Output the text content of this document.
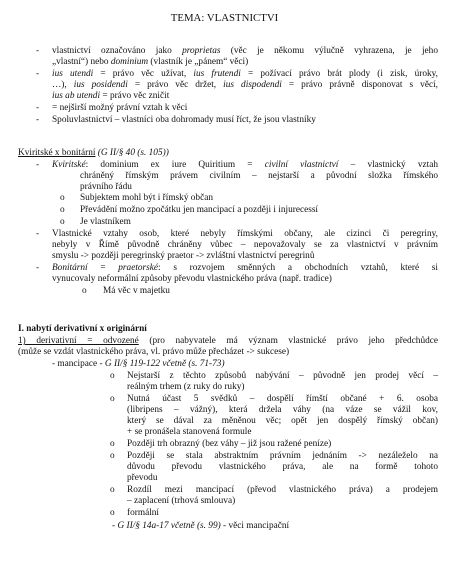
TEMA: VLASTNICTVI
- vlastnictví označováno jako proprietas (věc je někomu výlučně vyhrazena, je jeho
„vlastní“) nebo dominium (vlastník je „pánem“ věci)
- ius utendi = právo věc užívat, ius frutendi = požívací právo brát plody (i zisk, úroky,
…), ius posidendi = právo věc držet, ius dispodendi = právo právně disponovat s věcí,
ius ab utendi = právo věc zničit
- = nejširší možný právní vztah k věci
- Spoluvlastnictví – vlastníci oba dohromady musí říct, že jsou vlastníky
Kviritské x bonitární (G II/§ 40 (s. 105))
- Kviritské: dominium ex iure Quiritium = civilní vlastnictví – vlastnický vztah
chráněný římským právem civilním – nejstarší a původní složka římského
právního řádu
o Subjektem mohl být i římský občan
o Převádění možno zpočátku jen mancipací a později i injurecessí
o Je vlastníkem
- Vlastnické vztahy osob, které nebyly římskými občany, ale cizinci či peregriny,
nebyly v Římě původně chráněny vůbec – nepovažovaly se za vlastnictví v právním
smyslu -> později peregrinský praetor -> zvláštní vlastnictví peregrinů
- Bonitární = praetorské: s rozvojem směnných a obchodních vztahů, které si
vynucovaly neformální způsoby převodu vlastnického práva (např. tradice)
o Má věc v majetku
I. nabytí derivativní x originární
1) derivativní = odvozené (pro nabyvatele má význam vlastnické právo jeho předchůdce
(může se vzdát vlastnického práva, vl. právo může přecházet -> sukcese)
- mancipace - G II/§ 119-122 včetně (s. 71-73)
o Nejstarší z těchto způsobů nabývání – původně jen prodej věcí –
reálným trhem (z ruky do ruky)
o Nutná účast 5 svědků – dospělí římští občané + 6. osoba
(libripens – vážný), která držela váhy (na váze se vážil kov,
který se dával za měněnou věc; opět jen dospělý římský občan)
+ se pronášela stanovená formule
o Později trh obrazný (bez váhy – již jsou ražené peníze)
o Později se stala abstraktním právním jednáním -> nezáleželo na
důvodu převodu vlastnického práva, ale na formě tohoto
převodu
o Rozdíl mezi mancipací (převod vlastnického práva) a prodejem
– zaplacení (trhová smlouva)
o formální
- G II/§ 14a-17 včetně (s. 99) - věci mancipační
